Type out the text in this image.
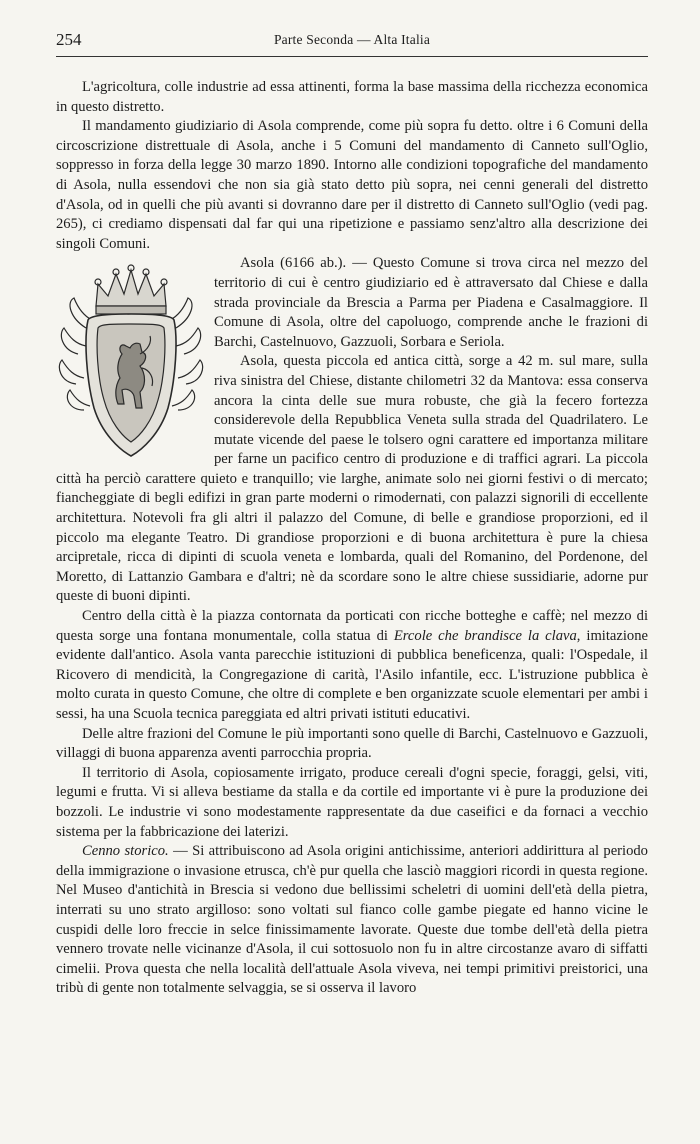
254	Parte Seconda — Alta Italia

L'agricoltura, colle industrie ad essa attinenti, forma la base massima della ricchezza economica in questo distretto.

Il mandamento giudiziario di Asola comprende, come più sopra fu detto. oltre i 6 Comuni della circoscrizione distrettuale di Asola, anche i 5 Comuni del mandamento di Canneto sull'Oglio, soppresso in forza della legge 30 marzo 1890. Intorno alle condizioni topografiche del mandamento di Asola, nulla essendovi che non sia già stato detto più sopra, nei cenni generali del distretto d'Asola, od in quelli che più avanti si dovranno dare per il distretto di Canneto sull'Oglio (vedi pag. 265), ci crediamo dispensati dal far qui una ripetizione e passiamo senz'altro alla descrizione dei singoli Comuni.

Asola (6166 ab.). — Questo Comune si trova circa nel mezzo del territorio di cui è centro giudiziario ed è attraversato dal Chiese e dalla strada provinciale da Brescia a Parma per Piadena e Casalmaggiore. Il Comune di Asola, oltre del capoluogo, comprende anche le frazioni di Barchi, Castelnuovo, Gazzuoli, Sorbara e Seriola.

Asola, questa piccola ed antica città, sorge a 42 m. sul mare, sulla riva sinistra del Chiese, distante chilometri 32 da Mantova: essa conserva ancora la cinta delle sue mura robuste, che già la fecero fortezza considerevole della Repubblica Veneta sulla strada del Quadrilatero. Le mutate vicende del paese le tolsero ogni carattere ed importanza militare per farne un pacifico centro di produzione e di traffici agrari. La piccola città ha perciò carattere quieto e tranquillo; vie larghe, animate solo nei giorni festivi o di mercato; fiancheggiate di begli edifizi in gran parte moderni o rimodernati, con palazzi signorili di eccellente architettura. Notevoli fra gli altri il palazzo del Comune, di belle e grandiose proporzioni, ed il piccolo ma elegante Teatro. Di grandiose proporzioni e di buona architettura è pure la chiesa arcipretale, ricca di dipinti di scuola veneta e lombarda, quali del Romanino, del Pordenone, del Moretto, di Lattanzio Gambara e d'altri; nè da scordare sono le altre chiese sussidiarie, adorne pur queste di buoni dipinti.

Centro della città è la piazza contornata da porticati con ricche botteghe e caffè; nel mezzo di questa sorge una fontana monumentale, colla statua di Ercole che brandisce la clava, imitazione evidente dall'antico. Asola vanta parecchie istituzioni di pubblica beneficenza, quali: l'Ospedale, il Ricovero di mendicità, la Congregazione di carità, l'Asilo infantile, ecc. L'istruzione pubblica è molto curata in questo Comune, che oltre di complete e ben organizzate scuole elementari per ambi i sessi, ha una Scuola tecnica pareggiata ed altri privati istituti educativi.

Delle altre frazioni del Comune le più importanti sono quelle di Barchi, Castelnuovo e Gazzuoli, villaggi di buona apparenza aventi parrocchia propria.

Il territorio di Asola, copiosamente irrigato, produce cereali d'ogni specie, foraggi, gelsi, viti, legumi e frutta. Vi si alleva bestiame da stalla e da cortile ed importante vi è pure la produzione dei bozzoli. Le industrie vi sono modestamente rappresentate da due caseifici e da fornaci a vecchio sistema per la fabbricazione dei laterizi.

Cenno storico. — Si attribuiscono ad Asola origini antichissime, anteriori addirittura al periodo della immigrazione o invasione etrusca, ch'è pur quella che lasciò maggiori ricordi in questa regione. Nel Museo d'antichità in Brescia si vedono due bellissimi scheletri di uomini dell'età della pietra, interrati su uno strato argilloso: sono voltati sul fianco colle gambe piegate ed hanno vicine le cuspidi delle loro freccie in selce finissimamente lavorate. Queste due tombe dell'età della pietra vennero trovate nelle vicinanze d'Asola, il cui sottosuolo non fu in altre circostanze avaro di siffatti cimelii. Prova questa che nella località dell'attuale Asola viveva, nei tempi primitivi preistorici, una tribù di gente non totalmente selvaggia, se si osserva il lavoro
